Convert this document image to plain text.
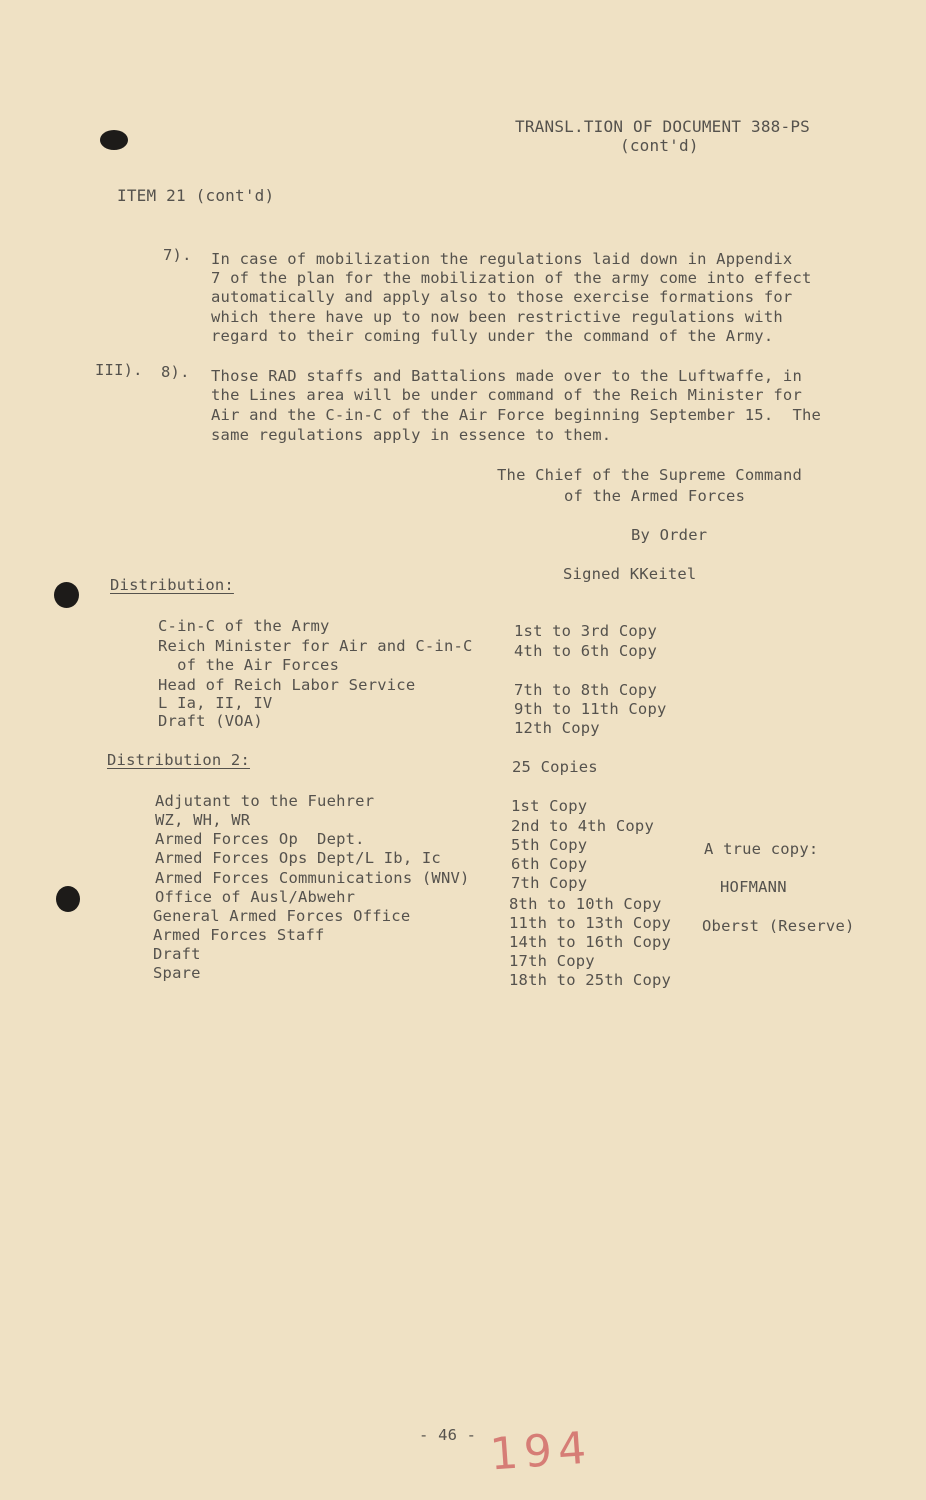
TRANSL.TION OF DOCUMENT 388-PS
(cont'd)
ITEM 21 (cont'd)
7). In case of mobilization the regulations laid down in Appendix
7 of the plan for the mobilization of the army come into effect
automatically and apply also to those exercise formations for
which there have up to now been restrictive regulations with
regard to their coming fully under the command of the Army.
III). 8). Those RAD staffs and Battalions made over to the Luftwaffe, in
the Lines area will be under command of the Reich Minister for
Air and the C-in-C of the Air Force beginning September 15.  The
same regulations apply in essence to them.
The Chief of the Supreme Command
of the Armed Forces
By Order
Signed KKeitel
Distribution:
C-in-C of the Army
Reich Minister for Air and C-in-C
of the Air Forces
Head of Reich Labor Service
L Ia, II, IV
Draft (VOA)
1st to 3rd Copy
4th to 6th Copy
7th to 8th Copy
9th to 11th Copy
12th Copy
Distribution 2:	25 Copies
Adjutant to the Fuehrer
WZ, WH, WR
Armed Forces Op  Dept.
Armed Forces Ops Dept/L Ib, Ic
Armed Forces Communications (WNV)
Office of Ausl/Abwehr
General Armed Forces Office
Armed Forces Staff
Draft
Spare
1st Copy
2nd to 4th Copy
5th Copy
6th Copy
7th Copy
8th to 10th Copy
11th to 13th Copy
14th to 16th Copy
17th Copy
18th to 25th Copy
A true copy:
HOFMANN
Oberst (Reserve)
- 46 - 194
